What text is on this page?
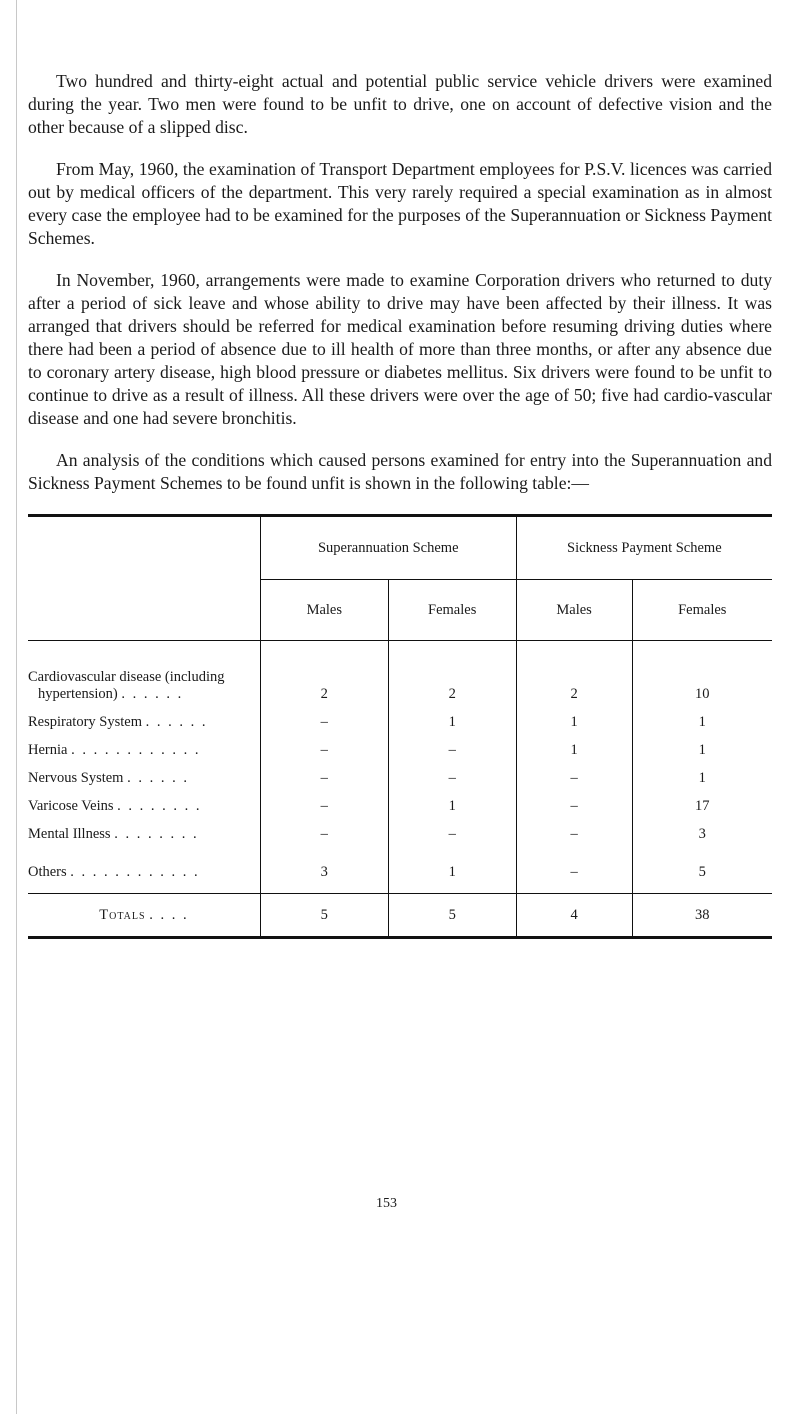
Two hundred and thirty-eight actual and potential public service vehicle drivers were examined during the year. Two men were found to be unfit to drive, one on account of defective vision and the other because of a slipped disc.

From May, 1960, the examination of Transport Department employees for P.S.V. licences was carried out by medical officers of the department. This very rarely required a special examination as in almost every case the employee had to be examined for the purposes of the Superannuation or Sickness Payment Schemes.

In November, 1960, arrangements were made to examine Corporation drivers who returned to duty after a period of sick leave and whose ability to drive may have been affected by their illness. It was arranged that drivers should be referred for medical examination before resuming driving duties where there had been a period of absence due to ill health of more than three months, or after any absence due to coronary artery disease, high blood pressure or diabetes mellitus. Six drivers were found to be unfit to continue to drive as a result of illness. All these drivers were over the age of 50; five had cardio-vascular disease and one had severe bronchitis.

An analysis of the conditions which caused persons examined for entry into the Superannuation and Sickness Payment Schemes to be found unfit is shown in the following table:—

	Superannuation Scheme		Sickness Payment Scheme	
	Males	Females	Males	Females
Cardiovascular disease (including
hypertension) . . . . . .	2	2	2	10
Respiratory System . . . . . .	–	1	1	1
Hernia . . . . . . . . . . . .	–	–	1	1
Nervous System . . . . . .	–	–	–	1
Varicose Veins . . . . . . . .	–	1	–	17
Mental Illness . . . . . . . .	–	–	–	3
Others . . . . . . . . . . . .	3	1	–	5
Totals . . . .	5	5	4	38
153
